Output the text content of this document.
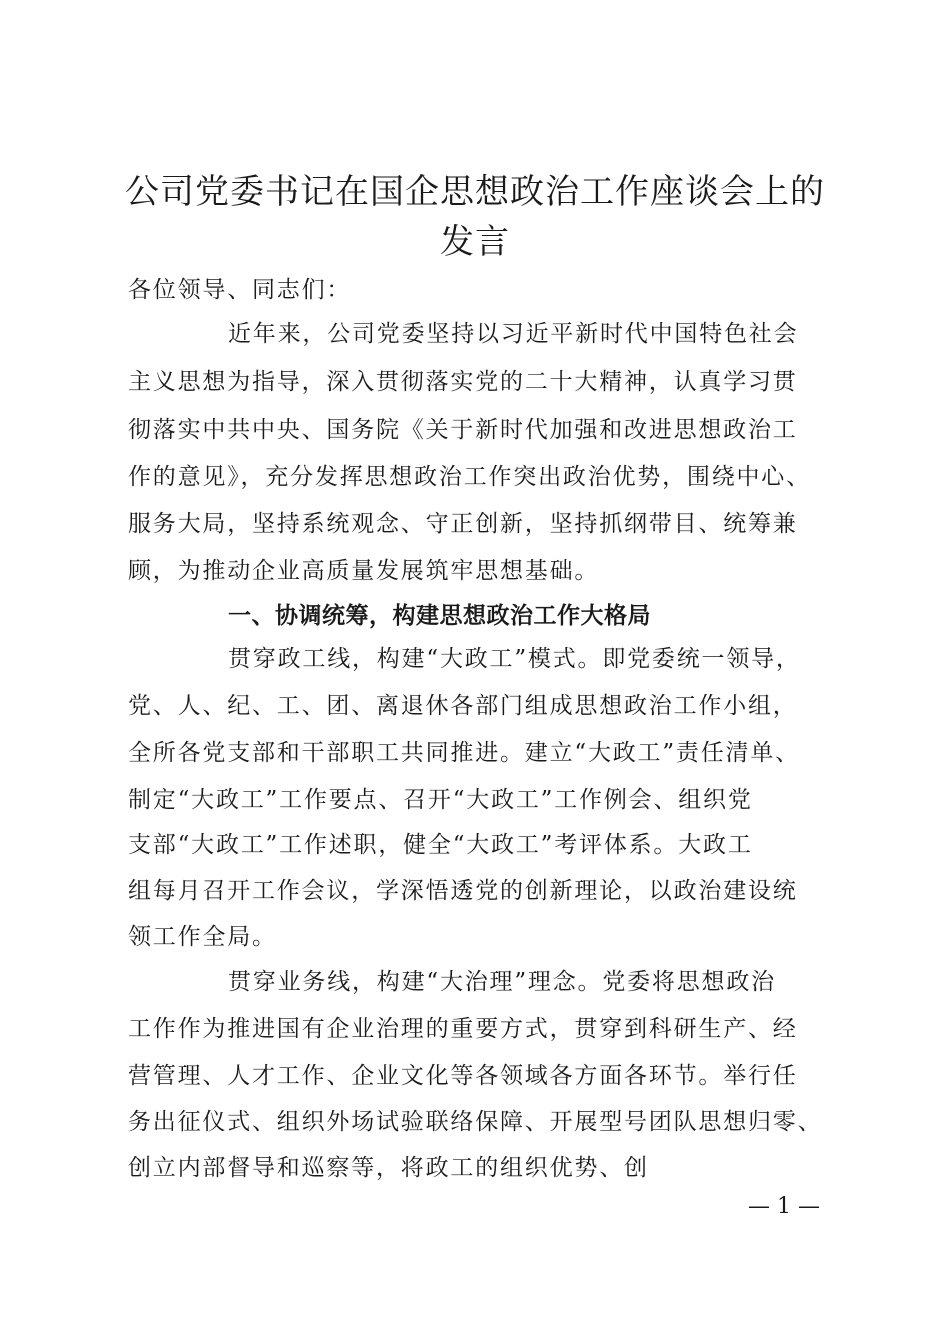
公司党委书记在国企思想政治工作座谈会上的
发言
各位领导、同志们：
近年来，公司党委坚持以习近平新时代中国特色社会
主义思想为指导，深入贯彻落实党的二十大精神，认真学习贯
彻落实中共中央、国务院《关于新时代加强和改进思想政治工
作的意见》，充分发挥思想政治工作突出政治优势，围绕中心、
服务大局，坚持系统观念、守正创新，坚持抓纲带目、统筹兼
顾，为推动企业高质量发展筑牢思想基础。
一、协调统筹，构建思想政治工作大格局
贯穿政工线，构建“大政工”模式。即党委统一领导，
党、人、纪、工、团、离退休各部门组成思想政治工作小组，
全所各党支部和干部职工共同推进。建立“大政工”责任清单、
制定“大政工”工作要点、召开“大政工”工作例会、组织党
支部“大政工”工作述职，健全“大政工”考评体系。大政工
组每月召开工作会议，学深悟透党的创新理论，以政治建设统
领工作全局。
贯穿业务线，构建“大治理”理念。党委将思想政治
工作作为推进国有企业治理的重要方式，贯穿到科研生产、经
营管理、人才工作、企业文化等各领域各方面各环节。举行任
务出征仪式、组织外场试验联络保障、开展型号团队思想归零、
创立内部督导和巡察等，将政工的组织优势、创
— 1 —
